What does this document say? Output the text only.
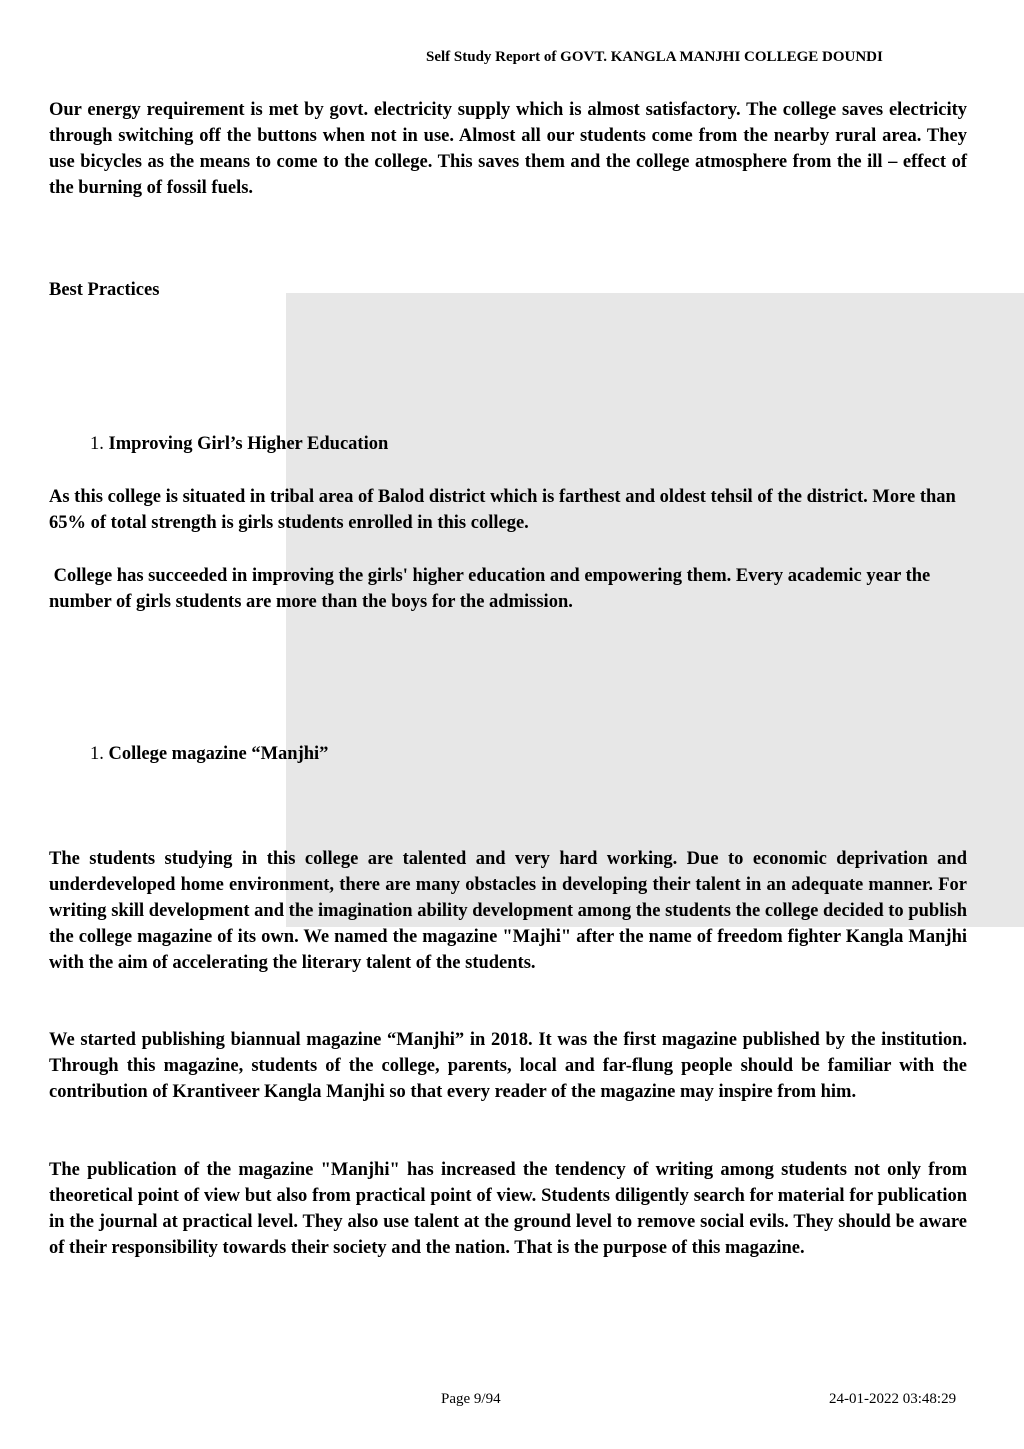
Self Study Report of GOVT. KANGLA MANJHI COLLEGE DOUNDI

Our energy requirement is met by govt. electricity supply which is almost satisfactory. The college saves electricity through switching off the buttons when not in use. Almost all our students come from the nearby rural area. They use bicycles as the means to come to the college. This saves them and the college atmosphere from the ill – effect of the burning of fossil fuels.

Best Practices

1. Improving Girl’s Higher Education

As this college is situated in tribal area of Balod district which is farthest and oldest tehsil of the district. More than 65% of total strength is girls students enrolled in this college.

College has succeeded in improving the girls' higher education and empowering them. Every academic year the number of girls students are more than the boys for the admission.

1. College magazine “Manjhi”

The students studying in this college are talented and very hard working. Due to economic deprivation and underdeveloped home environment, there are many obstacles in developing their talent in an adequate manner. For writing skill development and the imagination ability development among the students the college decided to publish the college magazine of its own. We named the magazine "Majhi" after the name of freedom fighter Kangla Manjhi with the aim of accelerating the literary talent of the students.

We started publishing biannual magazine “Manjhi” in 2018. It was the first magazine published by the institution. Through this magazine, students of the college, parents, local and far-flung people should be familiar with the contribution of Krantiveer Kangla Manjhi so that every reader of the magazine may inspire from him.

The publication of the magazine "Manjhi" has increased the tendency of writing among students not only from theoretical point of view but also from practical point of view. Students diligently search for material for publication in the journal at practical level. They also use talent at the ground level to remove social evils. They should be aware of their responsibility towards their society and the nation. That is the purpose of this magazine.

Page 9/94	24-01-2022 03:48:29
